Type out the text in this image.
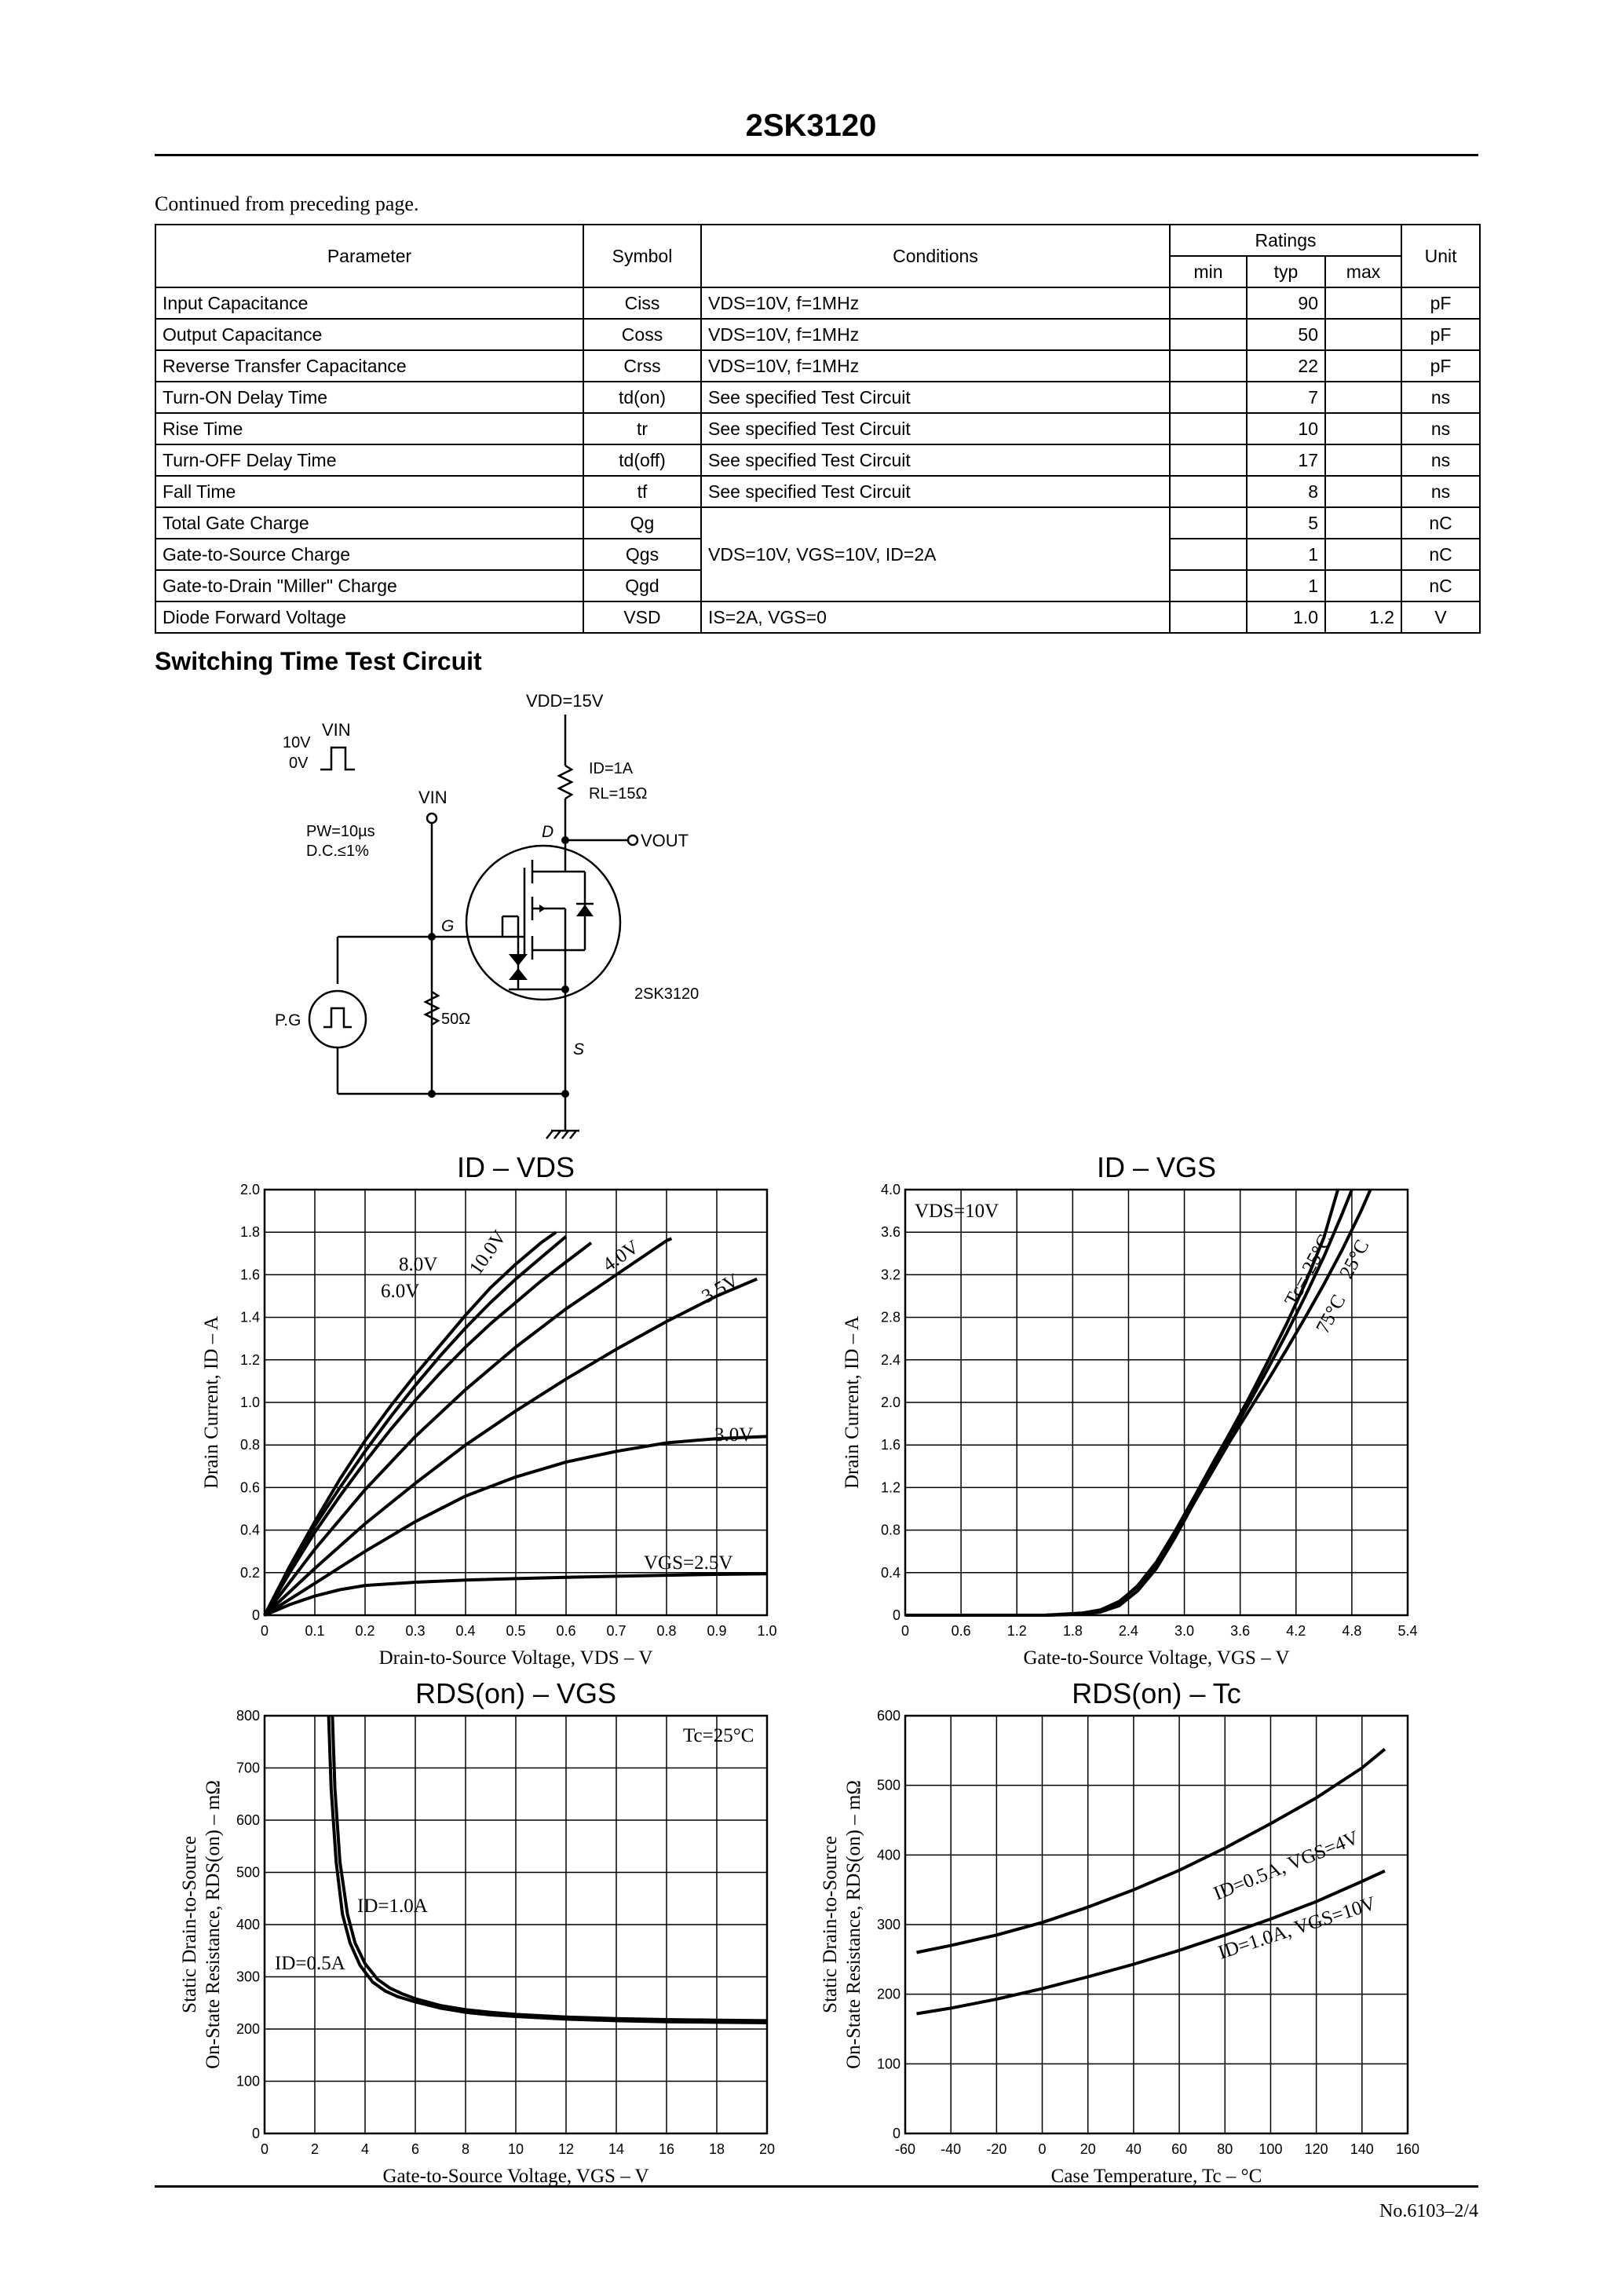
2SK3120
Continued from preceding page.
Parameter	Symbol	Conditions	Ratings			Unit
			min	typ	max	
Input Capacitance	Ciss	VDS=10V, f=1MHz		90		pF
Output Capacitance	Coss	VDS=10V, f=1MHz		50		pF
Reverse Transfer Capacitance	Crss	VDS=10V, f=1MHz		22		pF
Turn-ON Delay Time	td(on)	See specified Test Circuit		7		ns
Rise Time	tr	See specified Test Circuit		10		ns
Turn-OFF Delay Time	td(off)	See specified Test Circuit		17		ns
Fall Time	tf	See specified Test Circuit		8		ns
Total Gate Charge	Qg	VDS=10V, VGS=10V, ID=2A		5		nC
Gate-to-Source Charge	Qgs			1		nC
Gate-to-Drain "Miller" Charge	Qgd			1		nC
Diode Forward Voltage	VSD	IS=2A, VGS=0		1.0	1.2	V
Switching Time Test Circuit
VIN
10V
0V
VIN
VDD=15V
ID=1A
RL=15Ω
PW=10µs
D.C.≤1%
D	VOUT
G
2SK3120
P.G	50Ω
S
0	0.1 0.2 0.3 0.4 0.5 0.6 0.7 0.8 0.9 1.0
0
0.2
0.4
0.6
0.8
1.0
1.2
1.4
1.6
1.8
2.0
ID – VDS
Drain-to-Source Voltage, VDS – V
Drain Current, ID – A
10.0V
8.0V
6.0V
4.0V
3.5V
3.0V
VGS=2.5V
0	0.6	1.2	1.8	2.4	3.0	3.6	4.2	4.8	5.4
0
0.4
0.8
1.2
1.6
2.0
2.4
2.8
3.2
3.6
4.0
ID – VGS
Gate-to-Source Voltage, VGS – V
Drain Current, ID – A
VDS=10V
Tc=-25°C 25°C
75°C
0	2	4	6	8	10 12 14 16 18 20
0
100
200
300
400
500
600
700
800
RDS(on) – VGS
Gate-to-Source Voltage, VGS – V
Static Drain-to-Source On-State Resistance, RDS(on) – mΩ
Tc=25°C
ID=1.0A
ID=0.5A
-60 -40 -20 0 20 40 60 80 100 120 140 160
0
100
200
300
400
500
600
RDS(on) – Tc
Case Temperature, Tc – °C
Static Drain-to-Source On-State Resistance, RDS(on) – mΩ	ID=0.5A, VGS=4V
ID=1.0A, VGS=10V
No.6103–2/4
